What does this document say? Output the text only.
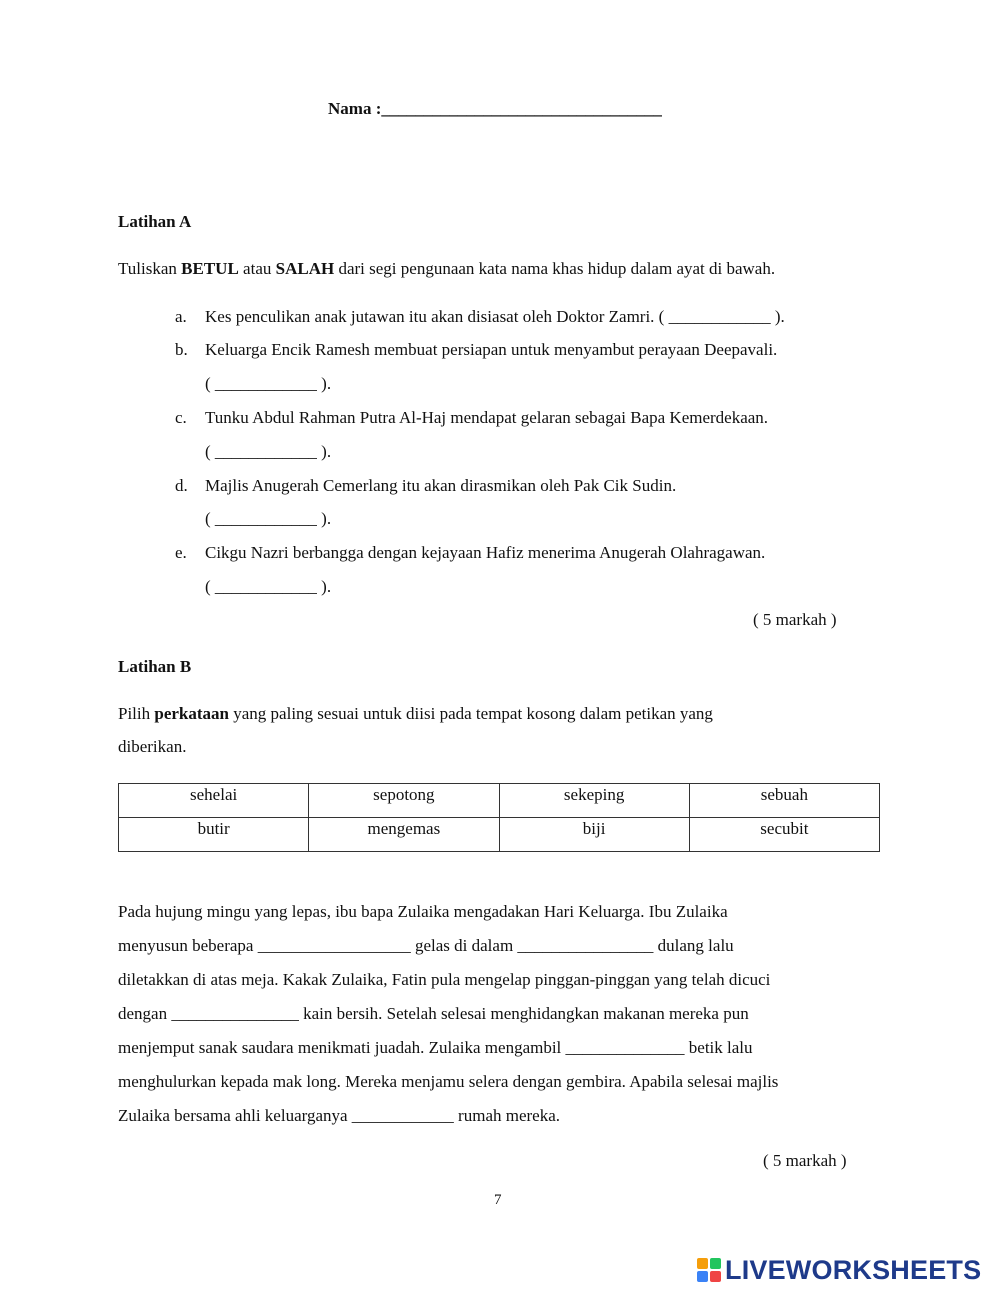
Nama :_________________________________
Latihan A
Tuliskan BETUL atau SALAH dari segi pengunaan kata nama khas hidup dalam ayat di bawah.
a. Kes penculikan anak jutawan itu akan disiasat oleh Doktor Zamri. ( ____________ ).
b. Keluarga Encik Ramesh membuat persiapan untuk menyambut perayaan Deepavali.
( ____________ ).
c. Tunku Abdul Rahman Putra Al-Haj mendapat gelaran sebagai Bapa Kemerdekaan.
( ____________ ).
d. Majlis Anugerah Cemerlang itu akan dirasmikan oleh Pak Cik Sudin.
( ____________ ).
e. Cikgu Nazri berbangga dengan kejayaan Hafiz menerima Anugerah Olahragawan.
( ____________ ).
( 5 markah )
Latihan B
Pilih perkataan yang paling sesuai untuk diisi pada tempat kosong dalam petikan yang
diberikan.
sehelai	sepotong	sekeping	sebuah
butir	mengemas	biji	secubit
Pada hujung mingu yang lepas, ibu bapa Zulaika mengadakan Hari Keluarga. Ibu Zulaika
menyusun beberapa __________________ gelas di dalam ________________ dulang lalu
diletakkan di atas meja. Kakak Zulaika, Fatin pula mengelap pinggan-pinggan yang telah dicuci
dengan _______________ kain bersih. Setelah selesai menghidangkan makanan mereka pun
menjemput sanak saudara menikmati juadah. Zulaika mengambil ______________ betik lalu
menghulurkan kepada mak long. Mereka menjamu selera dengan gembira. Apabila selesai majlis
Zulaika bersama ahli keluarganya ____________ rumah mereka.
( 5 markah )
7
LIVEWORKSHEETS
